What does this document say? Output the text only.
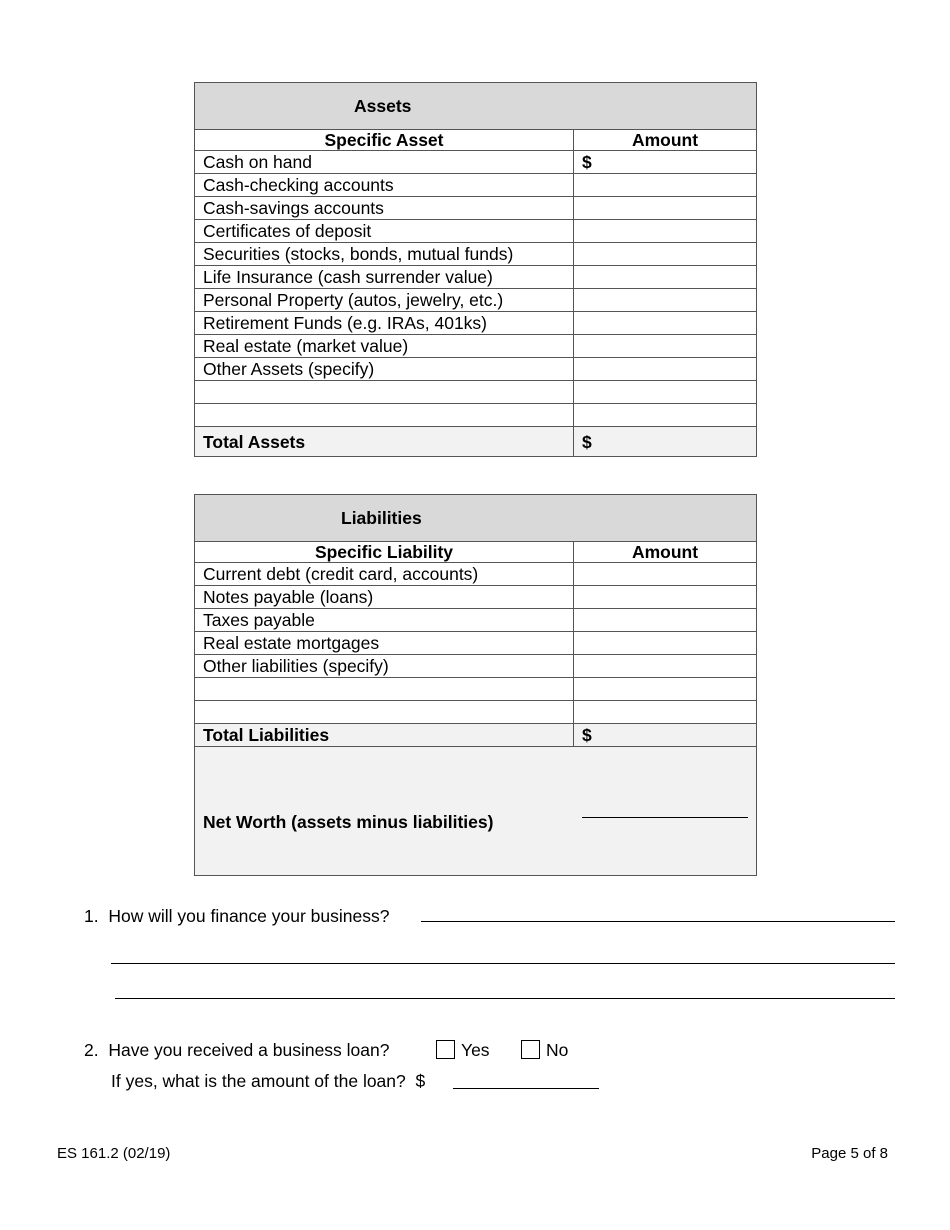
Assets	
Specific Asset	Amount
Cash on hand	$
Cash-checking accounts	
Cash-savings accounts	
Certificates of deposit	
Securities (stocks, bonds, mutual funds)	
Life Insurance (cash surrender value)	
Personal Property (autos, jewelry, etc.)	
Retirement Funds (e.g. IRAs, 401ks)	
Real estate (market value)	
Other Assets (specify)	

Total Assets	$
Liabilities	
Specific Liability	Amount
Current debt (credit card, accounts)	
Notes payable (loans)	
Taxes payable	
Real estate mortgages	
Other liabilities (specify)	

Total Liabilities	$
Net Worth (assets minus liabilities)	
1. How will you finance your business?
2. Have you received a business loan?	Yes	No
If yes, what is the amount of the loan? $
ES 161.2 (02/19)	Page 5 of 8
